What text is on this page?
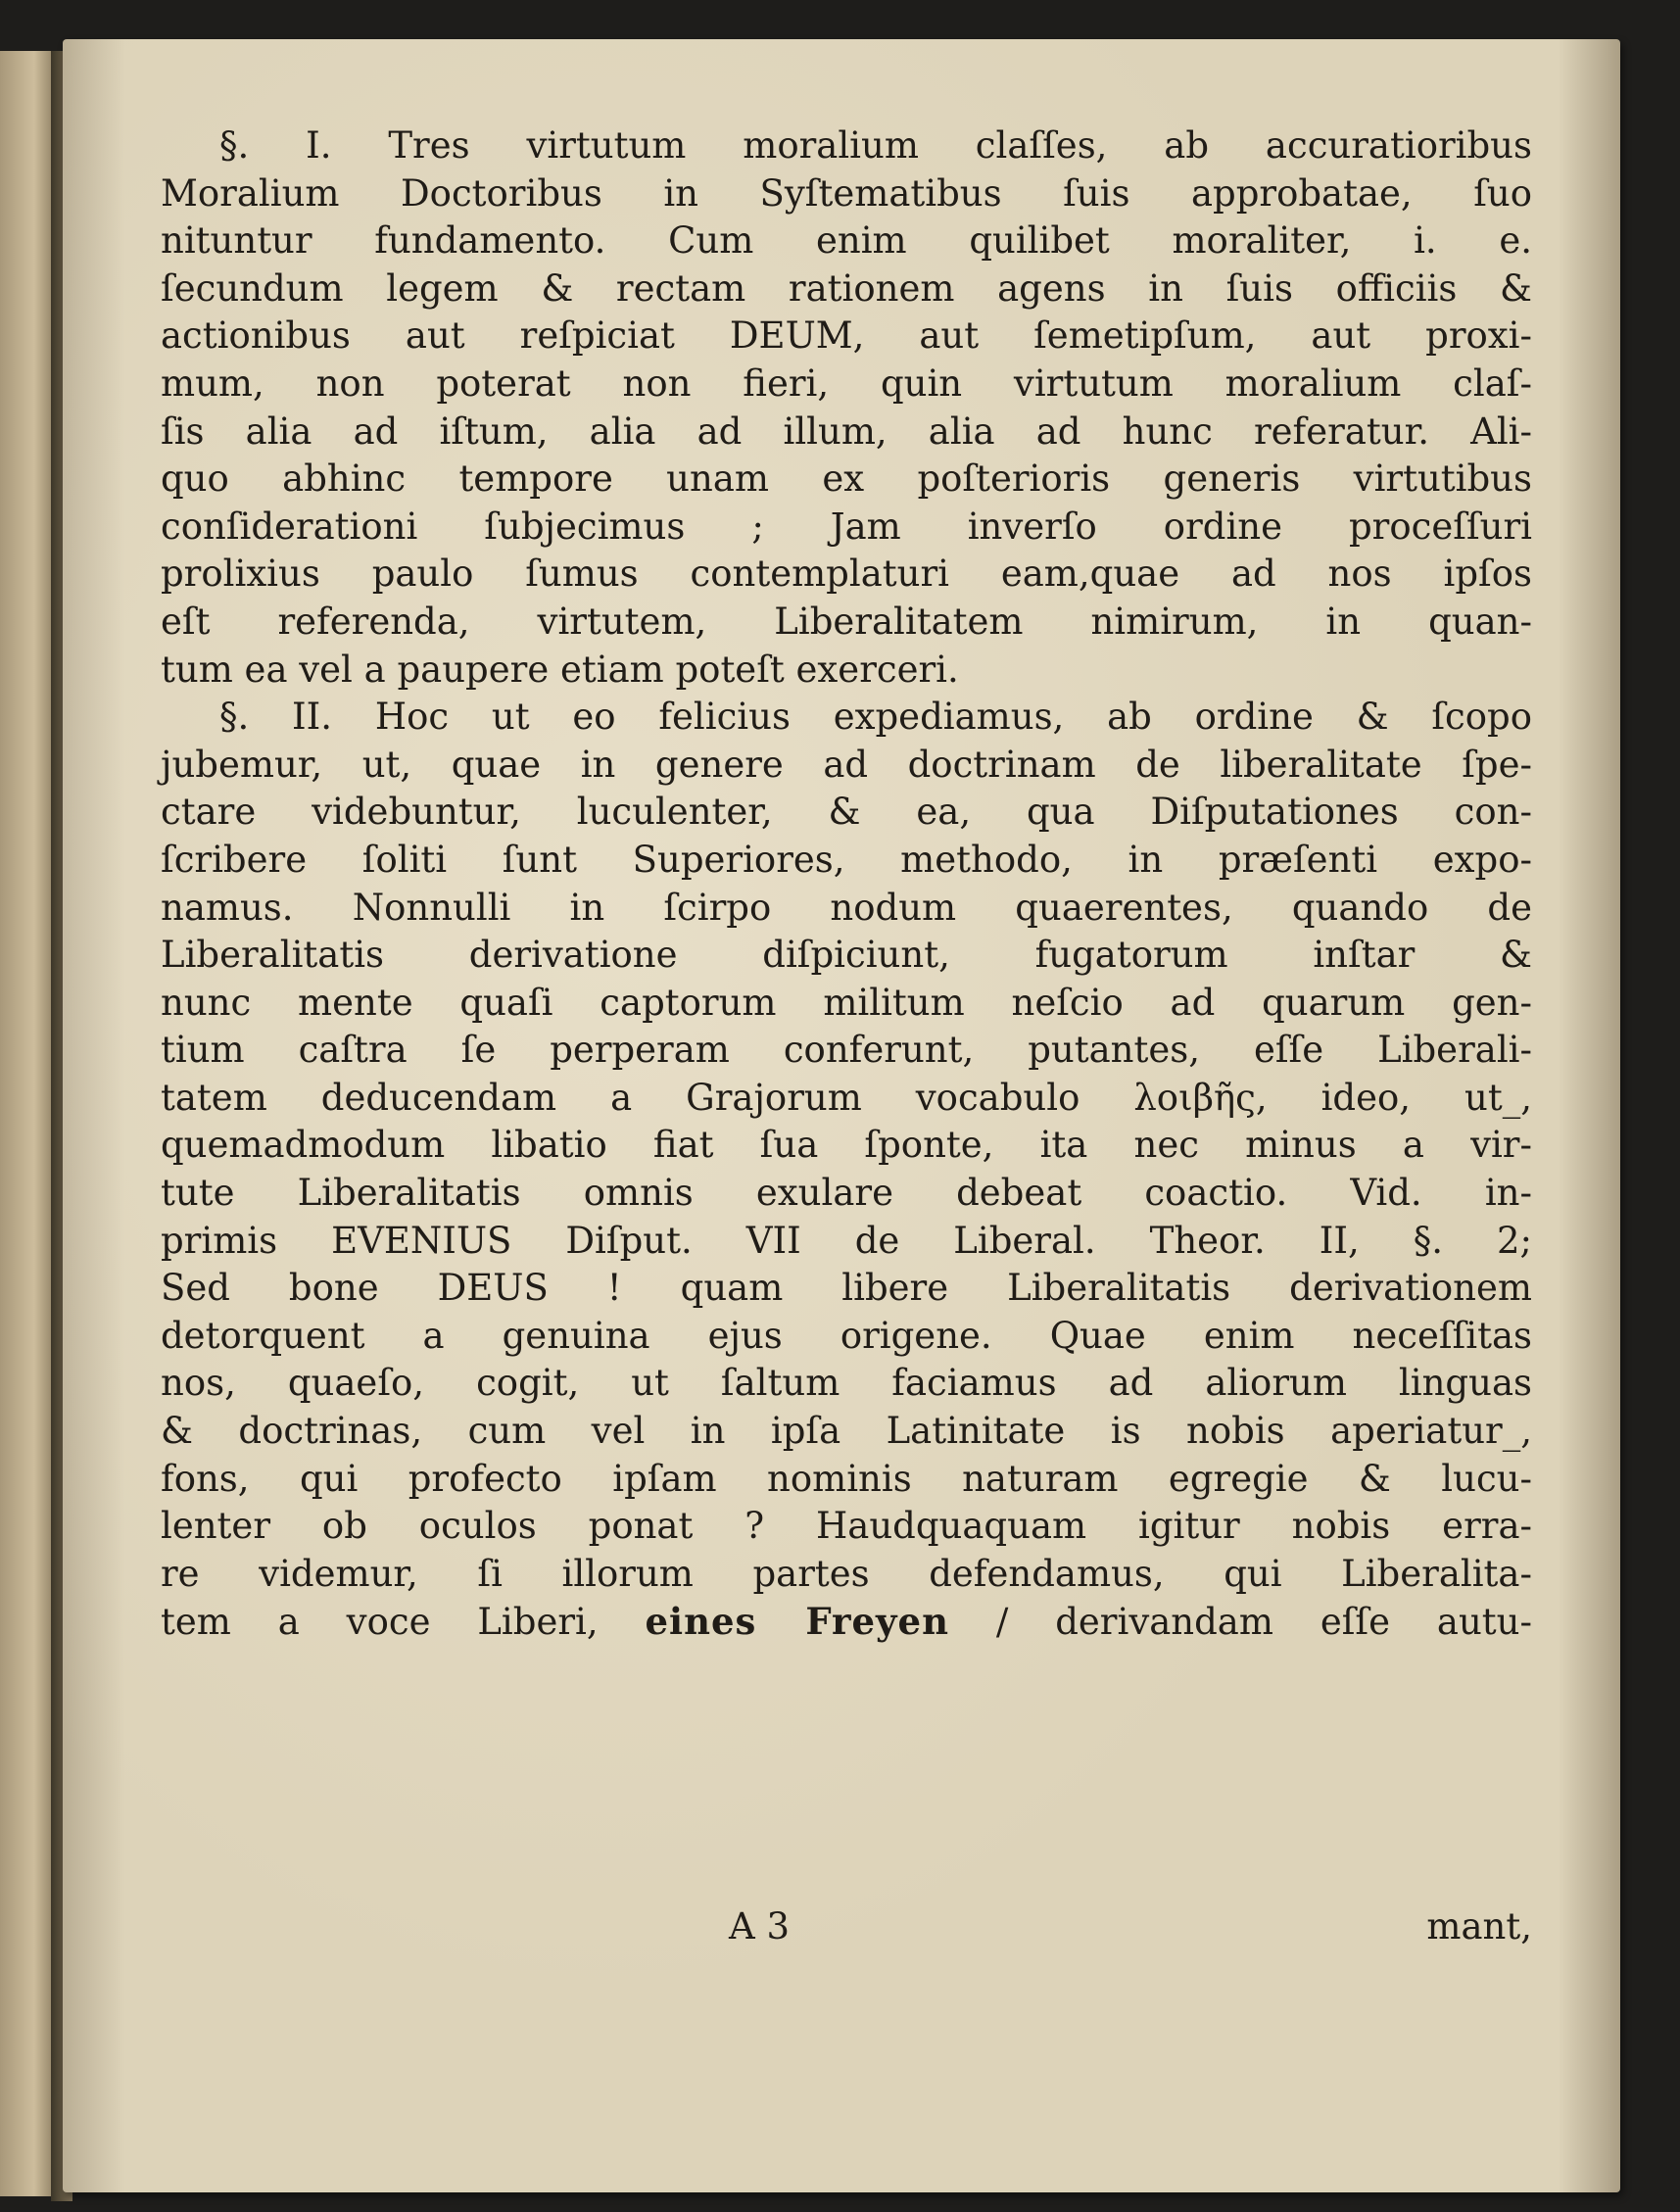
§. I. Tres virtutum moralium claſſes, ab accuratioribus
Moralium Doctoribus in Syſtematibus ſuis approbatae, ſuo
nituntur fundamento. Cum enim quilibet moraliter, i. e.
ſecundum legem & rectam rationem agens in ſuis officiis &
actionibus aut reſpiciat DEUM, aut ſemetipſum, aut proxi-
mum, non poterat non fieri, quin virtutum moralium claſ-
ſis alia ad iſtum, alia ad illum, alia ad hunc referatur. Ali-
quo abhinc tempore unam ex poſterioris generis virtutibus
conſiderationi ſubjecimus ; Jam inverſo ordine proceſſuri
prolixius paulo ſumus contemplaturi eam,quae ad nos ipſos
eſt referenda, virtutem, Liberalitatem nimirum, in quan-
tum ea vel a paupere etiam poteſt exerceri.
§. II. Hoc ut eo felicius expediamus, ab ordine & ſcopo
jubemur, ut, quae in genere ad doctrinam de liberalitate ſpe-
ctare videbuntur, luculenter, & ea, qua Diſputationes con-
ſcribere ſoliti ſunt Superiores, methodo, in præſenti expo-
namus. Nonnulli in ſcirpo nodum quaerentes, quando de
Liberalitatis derivatione diſpiciunt, fugatorum inſtar &
nunc mente quaſi captorum militum neſcio ad quarum gen-
tium caſtra ſe perperam conferunt, putantes, eſſe Liberali-
tatem deducendam a Grajorum vocabulo λοιβῆς, ideo, ut_,
quemadmodum libatio fiat ſua ſponte, ita nec minus a vir-
tute Liberalitatis omnis exulare debeat coactio. Vid. in-
primis EVENIUS Diſput. VII de Liberal. Theor. II, §. 2;
Sed bone DEUS ! quam libere Liberalitatis derivationem
detorquent a genuina ejus origene. Quae enim neceſſitas
nos, quaeſo, cogit, ut ſaltum faciamus ad aliorum linguas
& doctrinas, cum vel in ipſa Latinitate is nobis aperiatur_,
fons, qui profecto ipſam nominis naturam egregie & lucu-
lenter ob oculos ponat ? Haudquaquam igitur nobis erra-
re videmur, ſi illorum partes defendamus, qui Liberalita-
tem a voce Liberi, eines Freyen / derivandam eſſe autu-
A 3	mant,
